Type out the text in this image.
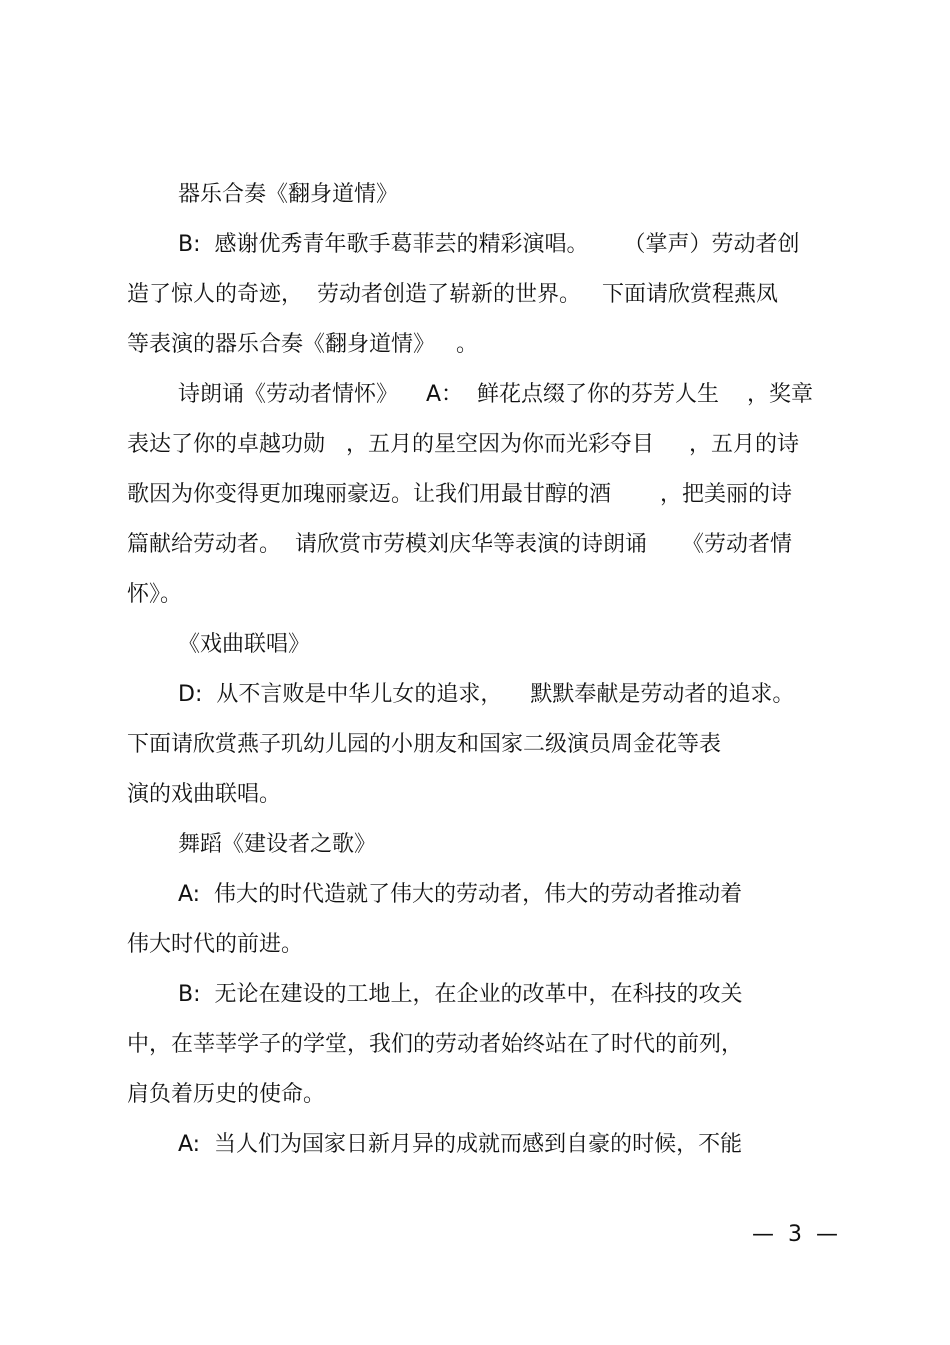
器乐合奏《翻身道情》
B:  感谢优秀青年歌手葛菲芸的精彩演唱。     （掌声）劳动者创
造了惊人的奇迹，  劳动者创造了崭新的世界。   下面请欣赏程燕凤
等表演的器乐合奏《翻身道情》   。
诗朗诵《劳动者情怀》    A：  鲜花点缀了你的芬芳人生    ，奖章
表达了你的卓越功勋   ，五月的星空因为你而光彩夺目     ，五月的诗
歌因为你变得更加瑰丽豪迈。让我们用最甘醇的酒       ，把美丽的诗
篇献给劳动者。  请欣赏市劳模刘庆华等表演的诗朗诵     《劳动者情
怀》。
《戏曲联唱》
D:  从不言败是中华儿女的追求，    默默奉献是劳动者的追求。
下面请欣赏燕子玑幼儿园的小朋友和国家二级演员周金花等表
演的戏曲联唱。
舞蹈《建设者之歌》
A:  伟大的时代造就了伟大的劳动者，伟大的劳动者推动着
伟大时代的前进。
B:  无论在建设的工地上，在企业的改革中，在科技的攻关
中，在莘莘学子的学堂，我们的劳动者始终站在了时代的前列，
肩负着历史的使命。
A:  当人们为国家日新月异的成就而感到自豪的时候，不能
—  3  —
